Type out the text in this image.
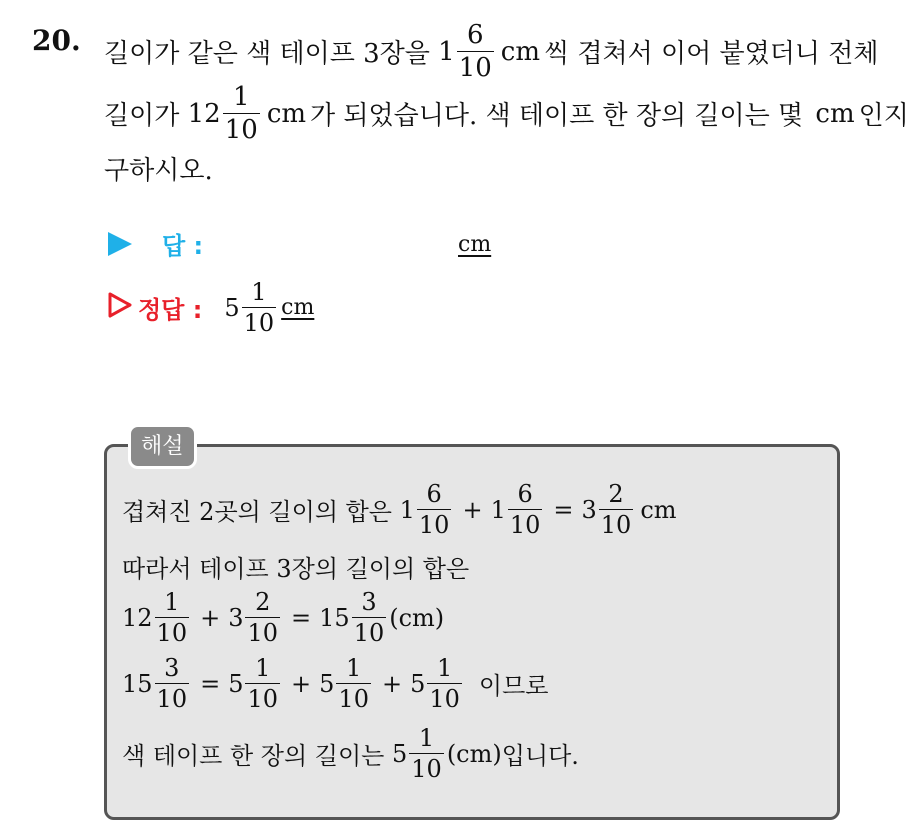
20. 길이가 같은 색 테이프 3장을 $1 \frac{6}{10}$ cm 씩 겹쳐서 이어 붙였더니 전체
길이가 $12 \frac{1}{10}$ cm 가 되었습니다. 색 테이프 한 장의 길이는 몇 cm 인지
구하시오.
답 :	cm
정답 : $5 \frac{1}{10}$ cm
해설
겹쳐진 2곳의 길이의 합은 $1 \frac{6}{10} + 1 \frac{6}{10} = 3 \frac{2}{10}$ cm
따라서 테이프 3장의 길이의 합은
$12 \frac{1}{10} + 3 \frac{2}{10} = 15 \frac{3}{10} (cm)$
$15 \frac{3}{10} = 5 \frac{1}{10} + 5 \frac{1}{10} + 5 \frac{1}{10}$ 이므로
색 테이프 한 장의 길이는 $5 \frac{1}{10} (cm)$ 입니다.
